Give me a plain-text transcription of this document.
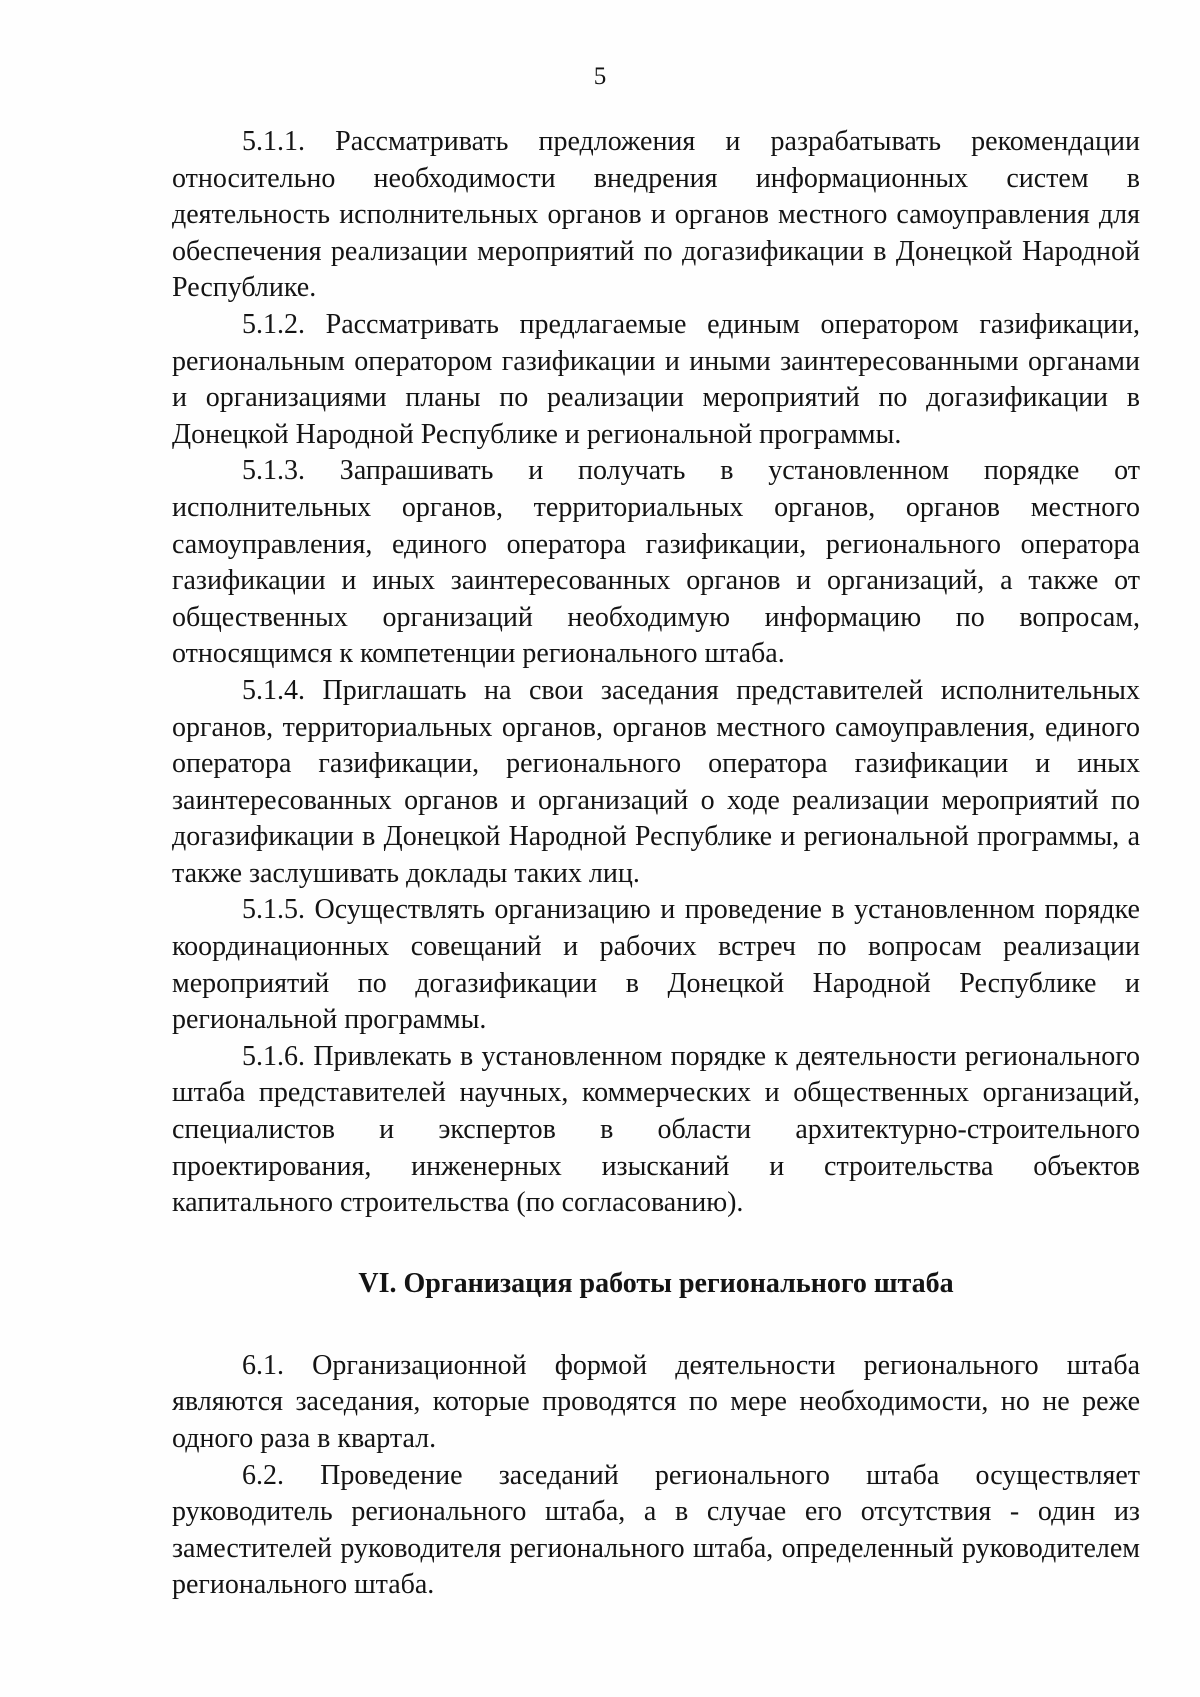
5

5.1.1. Рассматривать предложения и разрабатывать рекомендации относительно необходимости внедрения информационных систем в деятельность исполнительных органов и органов местного самоуправления для обеспечения реализации мероприятий по догазификации в Донецкой Народной Республике.

5.1.2. Рассматривать предлагаемые единым оператором газификации, региональным оператором газификации и иными заинтересованными органами и организациями планы по реализации мероприятий по догазификации в Донецкой Народной Республике и региональной программы.

5.1.3. Запрашивать и получать в установленном порядке от исполнительных органов, территориальных органов, органов местного самоуправления, единого оператора газификации, регионального оператора газификации и иных заинтересованных органов и организаций, а также от общественных организаций необходимую информацию по вопросам, относящимся к компетенции регионального штаба.

5.1.4. Приглашать на свои заседания представителей исполнительных органов, территориальных органов, органов местного самоуправления, единого оператора газификации, регионального оператора газификации и иных заинтересованных органов и организаций о ходе реализации мероприятий по догазификации в Донецкой Народной Республике и региональной программы, а также заслушивать доклады таких лиц.

5.1.5. Осуществлять организацию и проведение в установленном порядке координационных совещаний и рабочих встреч по вопросам реализации мероприятий по догазификации в Донецкой Народной Республике и региональной программы.

5.1.6. Привлекать в установленном порядке к деятельности регионального штаба представителей научных, коммерческих и общественных организаций, специалистов и экспертов в области архитектурно-строительного проектирования, инженерных изысканий и строительства объектов капитального строительства (по согласованию).

VI. Организация работы регионального штаба

6.1. Организационной формой деятельности регионального штаба являются заседания, которые проводятся по мере необходимости, но не реже одного раза в квартал.

6.2. Проведение заседаний регионального штаба осуществляет руководитель регионального штаба, а в случае его отсутствия - один из заместителей руководителя регионального штаба, определенный руководителем регионального штаба.
